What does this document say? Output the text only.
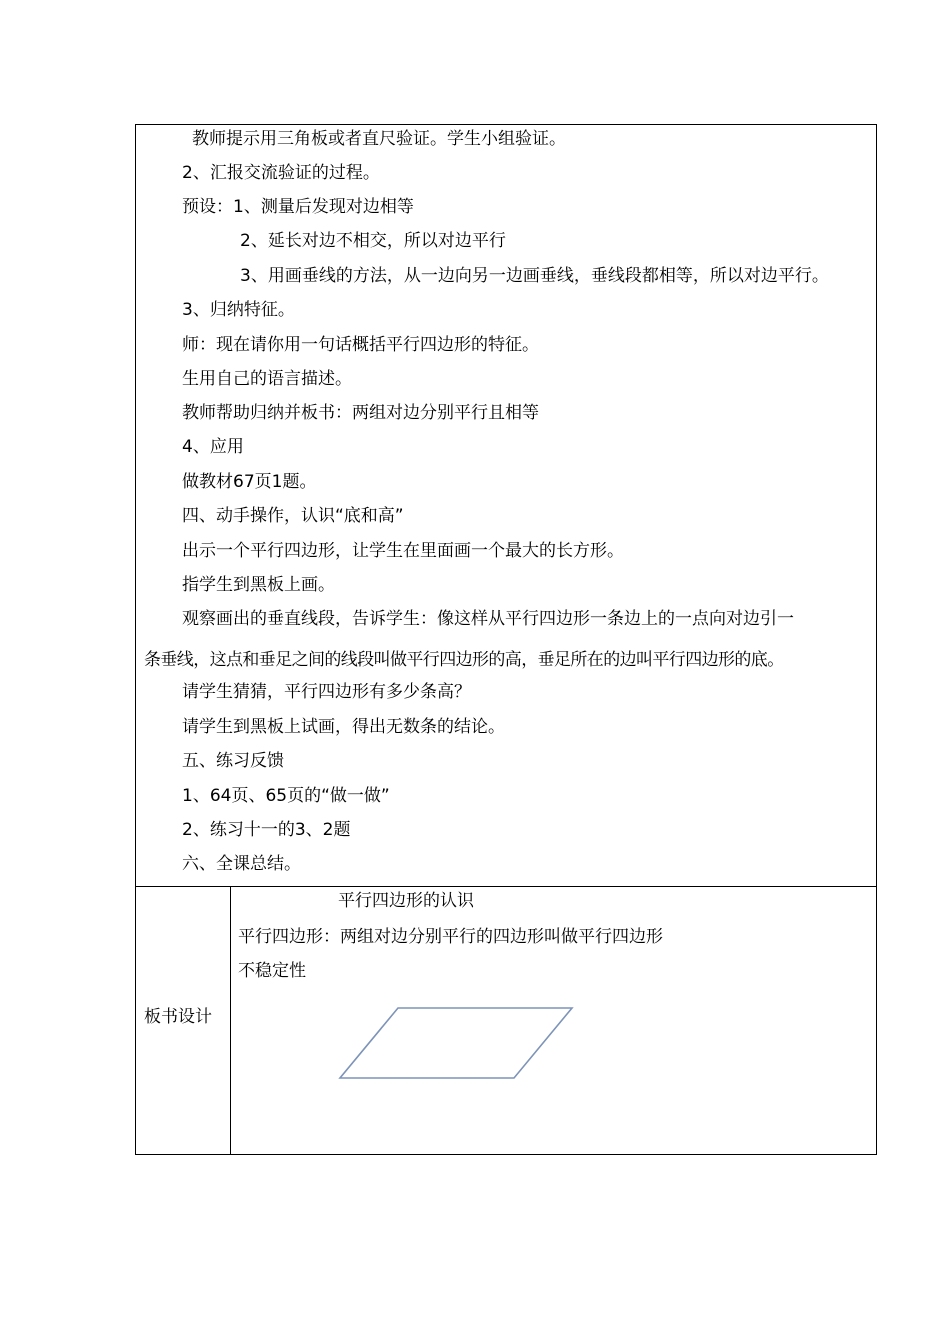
教师提示用三角板或者直尺验证。学生小组验证。
2、汇报交流验证的过程。
预设：1、测量后发现对边相等
2、延长对边不相交，所以对边平行
3、用画垂线的方法，从一边向另一边画垂线，垂线段都相等，所以对边平行。
3、归纳特征。
师：现在请你用一句话概括平行四边形的特征。
生用自己的语言描述。
教师帮助归纳并板书：两组对边分别平行且相等
4、应用
做教材67页1题。
四、动手操作，认识“底和高”
出示一个平行四边形，让学生在里面画一个最大的长方形。
指学生到黑板上画。
观察画出的垂直线段，告诉学生：像这样从平行四边形一条边上的一点向对边引一
条垂线，这点和垂足之间的线段叫做平行四边形的高，垂足所在的边叫平行四边形的底。
请学生猜猜，平行四边形有多少条高？
请学生到黑板上试画，得出无数条的结论。
五、练习反馈
1、64页、65页的“做一做”
2、练习十一的3、2题
六、全课总结。
板书设计
平行四边形的认识
平行四边形：两组对边分别平行的四边形叫做平行四边形
不稳定性
